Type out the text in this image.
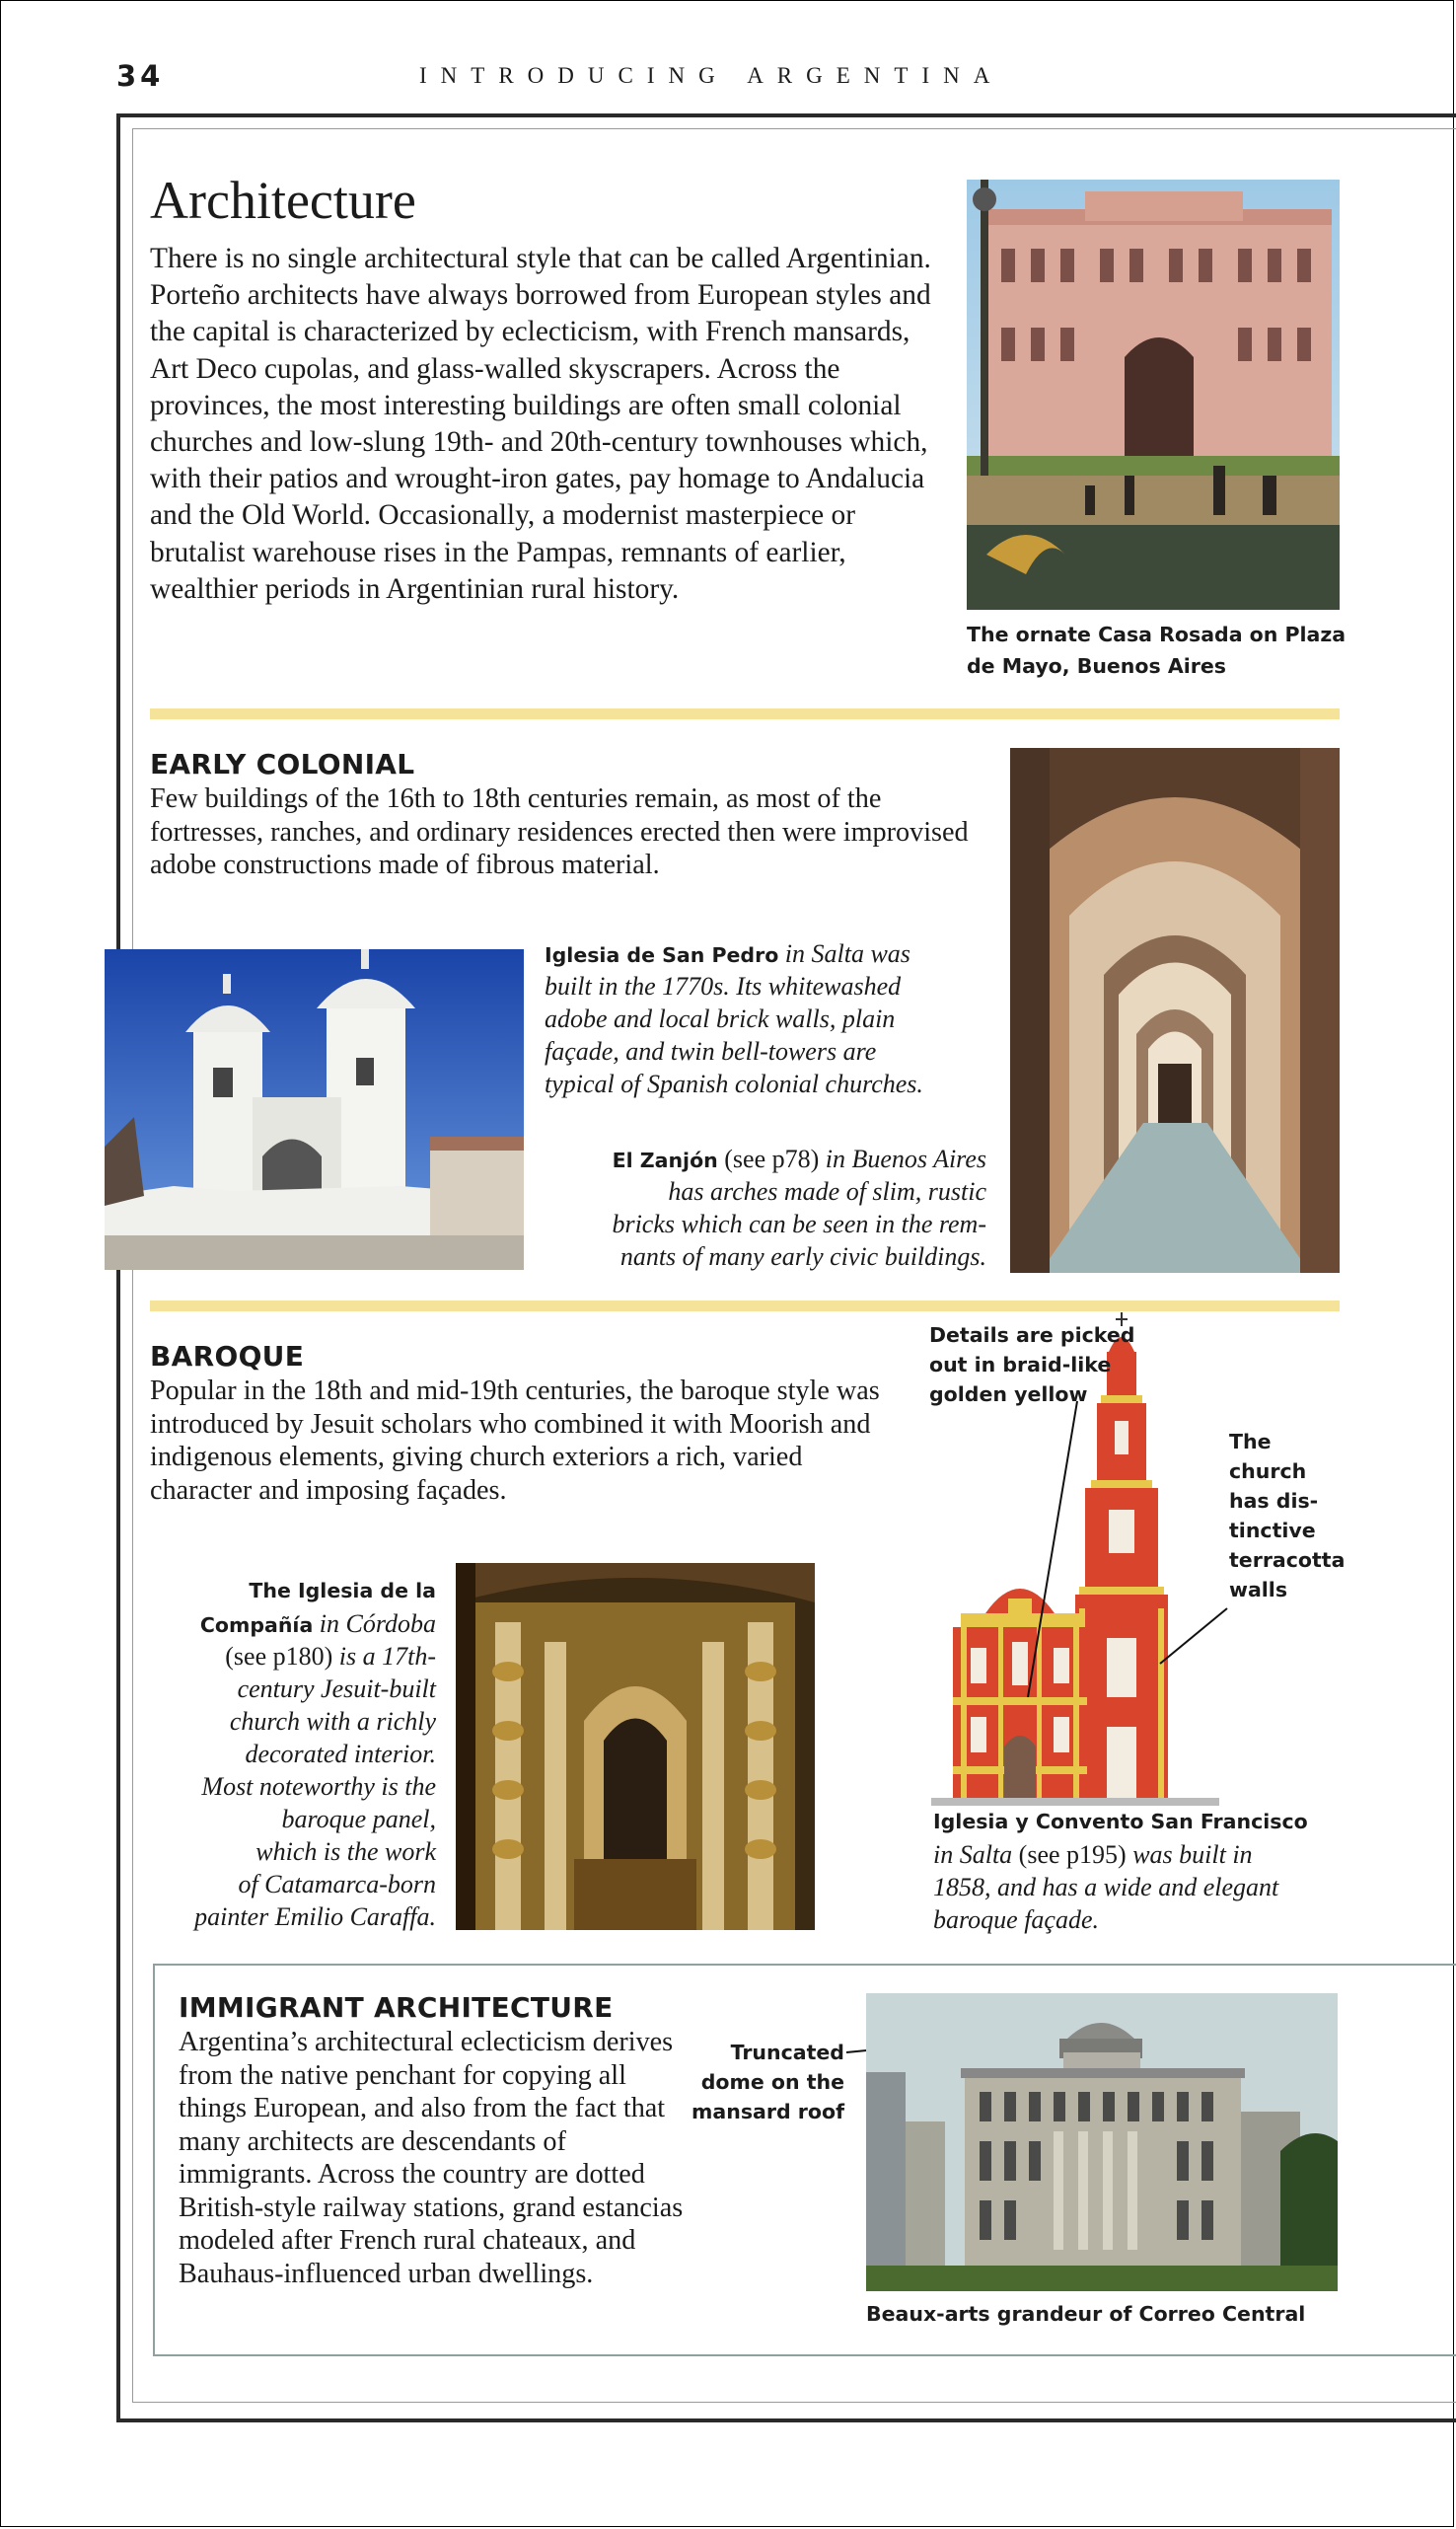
34	INTRODUCING ARGENTINA
Architecture
There is no single architectural style that can be called Argentinian. Porteño architects have always borrowed from European styles and the capital is characterized by eclecticism, with French mansards, Art Deco cupolas, and glass-walled skyscrapers. Across the provinces, the most interesting buildings are often small colonial churches and low-slung 19th- and 20th-century townhouses which, with their patios and wrought-iron gates, pay homage to Andalucia and the Old World. Occasionally, a modernist masterpiece or brutalist warehouse rises in the Pampas, remnants of earlier, wealthier periods in Argentinian rural history.
The ornate Casa Rosada on Plaza
de Mayo, Buenos Aires
EARLY COLONIAL
Few buildings of the 16th to 18th centuries remain, as most of the fortresses, ranches, and ordinary residences erected then were improvised adobe constructions made of fibrous material.
Iglesia de San Pedro in Salta was
built in the 1770s. Its whitewashed
adobe and local brick walls, plain
façade, and twin bell-towers are
typical of Spanish colonial churches.
El Zanjón (see p78) in Buenos Aires
has arches made of slim, rustic
bricks which can be seen in the rem-
nants of many early civic buildings.
BAROQUE
Popular in the 18th and mid-19th centuries, the baroque style was introduced by Jesuit scholars who combined it with Moorish and indigenous elements, giving church exteriors a rich, varied character and imposing façades.
The Iglesia de la
Compañía in Córdoba
(see p180) is a 17th-
century Jesuit-built
church with a richly
decorated interior.
Most noteworthy is the
baroque panel,
which is the work
of Catamarca-born
painter Emilio Caraffa.
Details are picked
out in braid-like
golden yellow
The
church
has dis-
tinctive
terracotta
walls
Iglesia y Convento San Francisco
in Salta (see p195) was built in
1858, and has a wide and elegant
baroque façade.
IMMIGRANT ARCHITECTURE
Argentina’s architectural eclecticism derives from the native penchant for copying all things European, and also from the fact that many architects are descendants of immigrants. Across the country are dotted British-style railway stations, grand estancias modeled after French rural chateaux, and Bauhaus-influenced urban dwellings.
Truncated
dome on the
mansard roof
Beaux-arts grandeur of Correo Central
